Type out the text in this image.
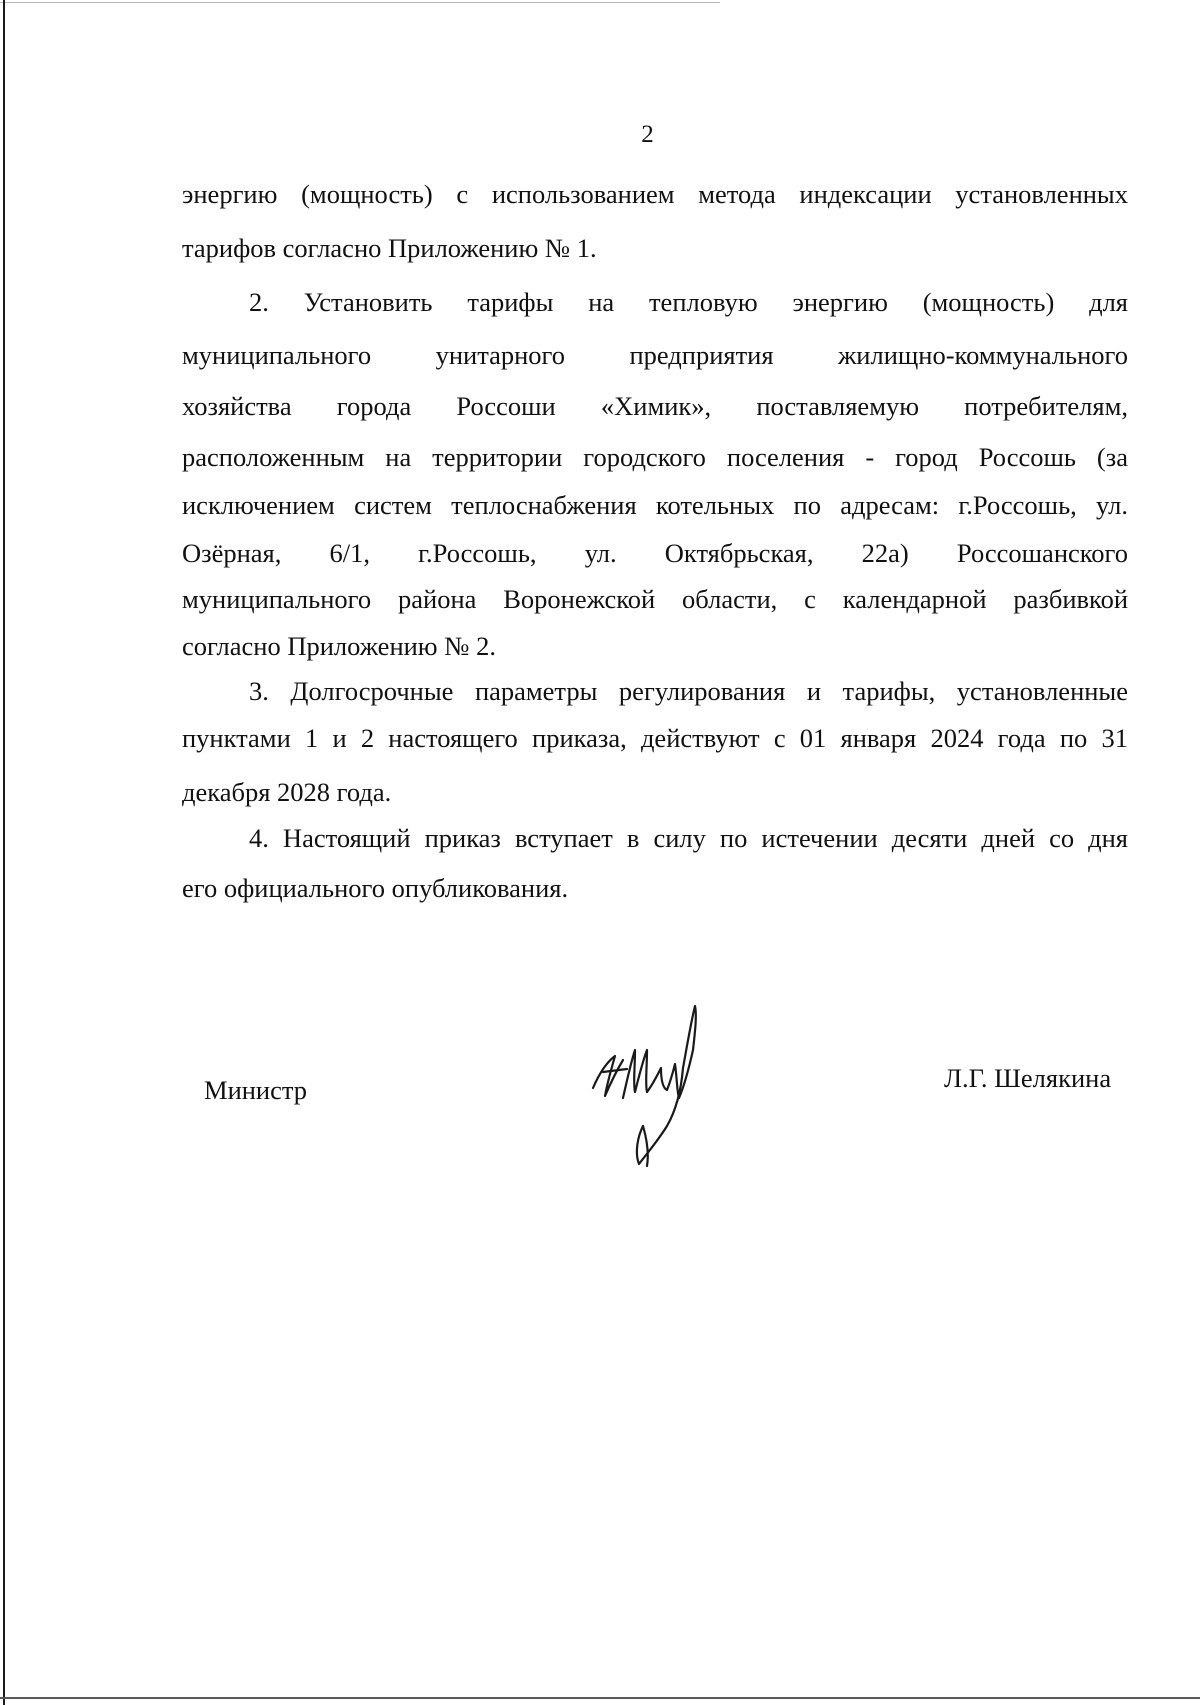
2
энергию (мощность) с использованием метода индексации установленных
тарифов согласно Приложению № 1.
2. Установить тарифы на тепловую энергию (мощность) для
муниципального унитарного предприятия жилищно-коммунального
хозяйства города Россоши «Химик», поставляемую потребителям,
расположенным на территории городского поселения - город Россошь (за
исключением систем теплоснабжения котельных по адресам: г.Россошь, ул.
Озёрная, 6/1, г.Россошь, ул. Октябрьская, 22а) Россошанского
муниципального района Воронежской области, с календарной разбивкой
согласно Приложению № 2.
3. Долгосрочные параметры регулирования и тарифы, установленные
пунктами 1 и 2 настоящего приказа, действуют с 01 января 2024 года по 31
декабря 2028 года.
4. Настоящий приказ вступает в силу по истечении десяти дней со дня
его официального опубликования.
Министр	Л.Г. Шелякина
